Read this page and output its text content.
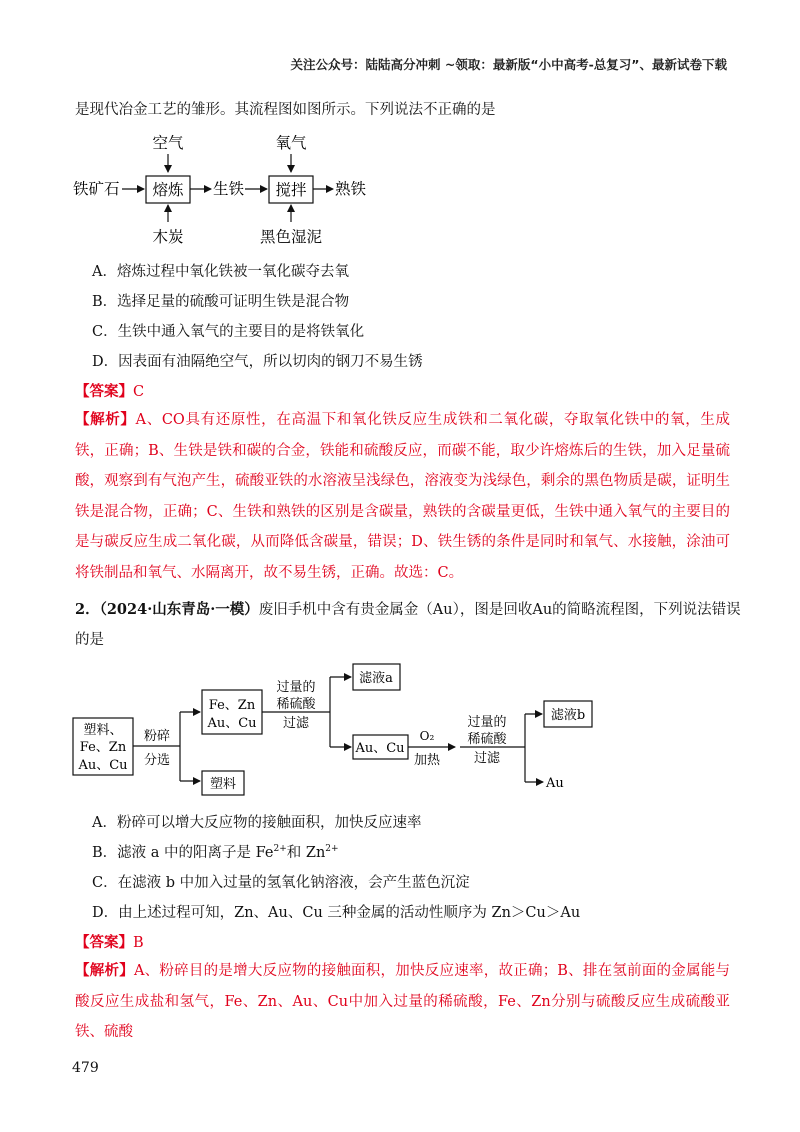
关注公众号：陆陆高分冲刺 ~领取：最新版“小中高考-总复习”、最新试卷下载
是现代冶金工艺的雏形。其流程图如图所示。下列说法不正确的是
空气	氧气
铁矿石 熔炼 生铁 搅拌 熟铁
木炭	黑色湿泥
A．熔炼过程中氧化铁被一氧化碳夺去氧
B．选择足量的硫酸可证明生铁是混合物
C．生铁中通入氧气的主要目的是将铁氧化
D．因表面有油隔绝空气，所以切肉的钢刀不易生锈
【答案】C
【解析】A、CO具有还原性，在高温下和氧化铁反应生成铁和二氧化碳，夺取氧化铁中的氧，生成铁，正确；B、生铁是铁和碳的合金，铁能和硫酸反应，而碳不能，取少许熔炼后的生铁，加入足量硫酸，观察到有气泡产生，硫酸亚铁的水溶液呈浅绿色，溶液变为浅绿色，剩余的黑色物质是碳，证明生铁是混合物，正确；C、生铁和熟铁的区别是含碳量，熟铁的含碳量更低，生铁中通入氧气的主要目的是与碳反应生成二氧化碳，从而降低含碳量，错误；D、铁生锈的条件是同时和氧气、水接触，涂油可将铁制品和氧气、水隔离开，故不易生锈，正确。故选：C。
2．（2024·山东青岛·一模）废旧手机中含有贵金属金（Au），图是回收Au的简略流程图，下列说法错误
的是
塑料、
Fe、Zn
Au、Cu
粉碎
分选
Fe、Zn
Au、Cu
塑料
过量的
稀硫酸
过滤
滤液a
Au、Cu
O₂
加热
过量的
稀硫酸
过滤
滤液b
Au
A．粉碎可以增大反应物的接触面积，加快反应速率
B．滤液 a 中的阳离子是 $Fe^{2+}$和 $Zn^{2+}$
C．在滤液 b 中加入过量的氢氧化钠溶液，会产生蓝色沉淀
D．由上述过程可知，Zn、Au、Cu 三种金属的活动性顺序为 Zn＞Cu＞Au
【答案】B
【解析】A、粉碎目的是增大反应物的接触面积，加快反应速率，故正确；B、排在氢前面的金属能与酸反应生成盐和氢气，Fe、Zn、Au、Cu中加入过量的稀硫酸，Fe、Zn分别与硫酸反应生成硫酸亚铁、硫酸
479
